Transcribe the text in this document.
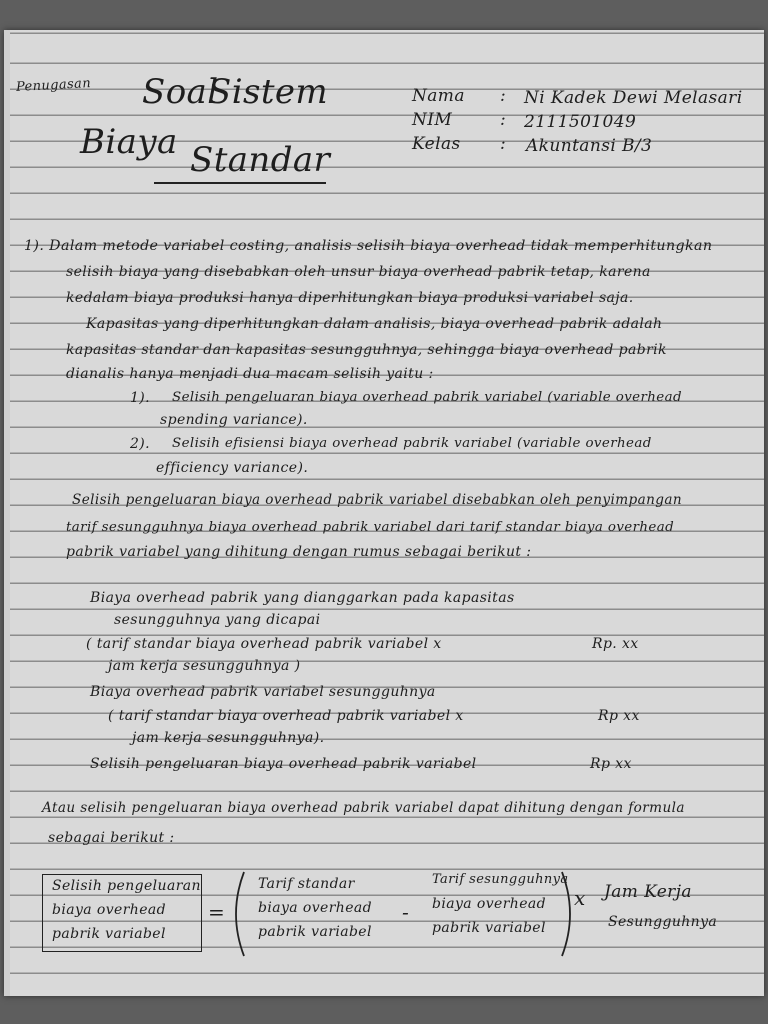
Penugasan Soal
Sistem
Biaya Standar
Nama : Ni Kadek Dewi Melasari
NIM	: 2111501049
Kelas : Akuntansi B/3
1). Dalam metode variabel costing, analisis selisih biaya overhead tidak memperhitungkan
selisih biaya yang disebabkan oleh unsur biaya overhead pabrik tetap, karena
kedalam biaya produksi hanya diperhitungkan biaya produksi variabel saja.
Kapasitas yang diperhitungkan dalam analisis, biaya overhead pabrik adalah
kapasitas standar dan kapasitas sesungguhnya, sehingga biaya overhead pabrik
dianalis hanya menjadi dua macam selisih yaitu :
1). Selisih pengeluaran biaya overhead pabrik variabel (variable overhead
spending variance).
2). Selisih efisiensi biaya overhead pabrik variabel (variable overhead
efficiency variance).
Selisih pengeluaran biaya overhead pabrik variabel disebabkan oleh penyimpangan
tarif sesungguhnya biaya overhead pabrik variabel dari tarif standar biaya overhead
pabrik variabel yang dihitung dengan rumus sebagai berikut :
Biaya overhead pabrik yang dianggarkan pada kapasitas
sesungguhnya yang dicapai
( tarif standar biaya overhead pabrik variabel x	Rp. xx
jam kerja sesungguhnya )
Biaya overhead pabrik variabel sesungguhnya
( tarif standar biaya overhead pabrik variabel x	Rp xx
jam kerja sesungguhnya).
Selisih pengeluaran biaya overhead pabrik variabel	Rp xx
Atau selisih pengeluaran biaya overhead pabrik variabel dapat dihitung dengan formula
sebagai berikut :
Selisih pengeluaran
biaya overhead
pabrik variabel
=
Tarif standar
biaya overhead
pabrik variabel
-
Tarif sesungguhnya
biaya overhead
pabrik variabel
x Jam Kerja
Sesungguhnya
